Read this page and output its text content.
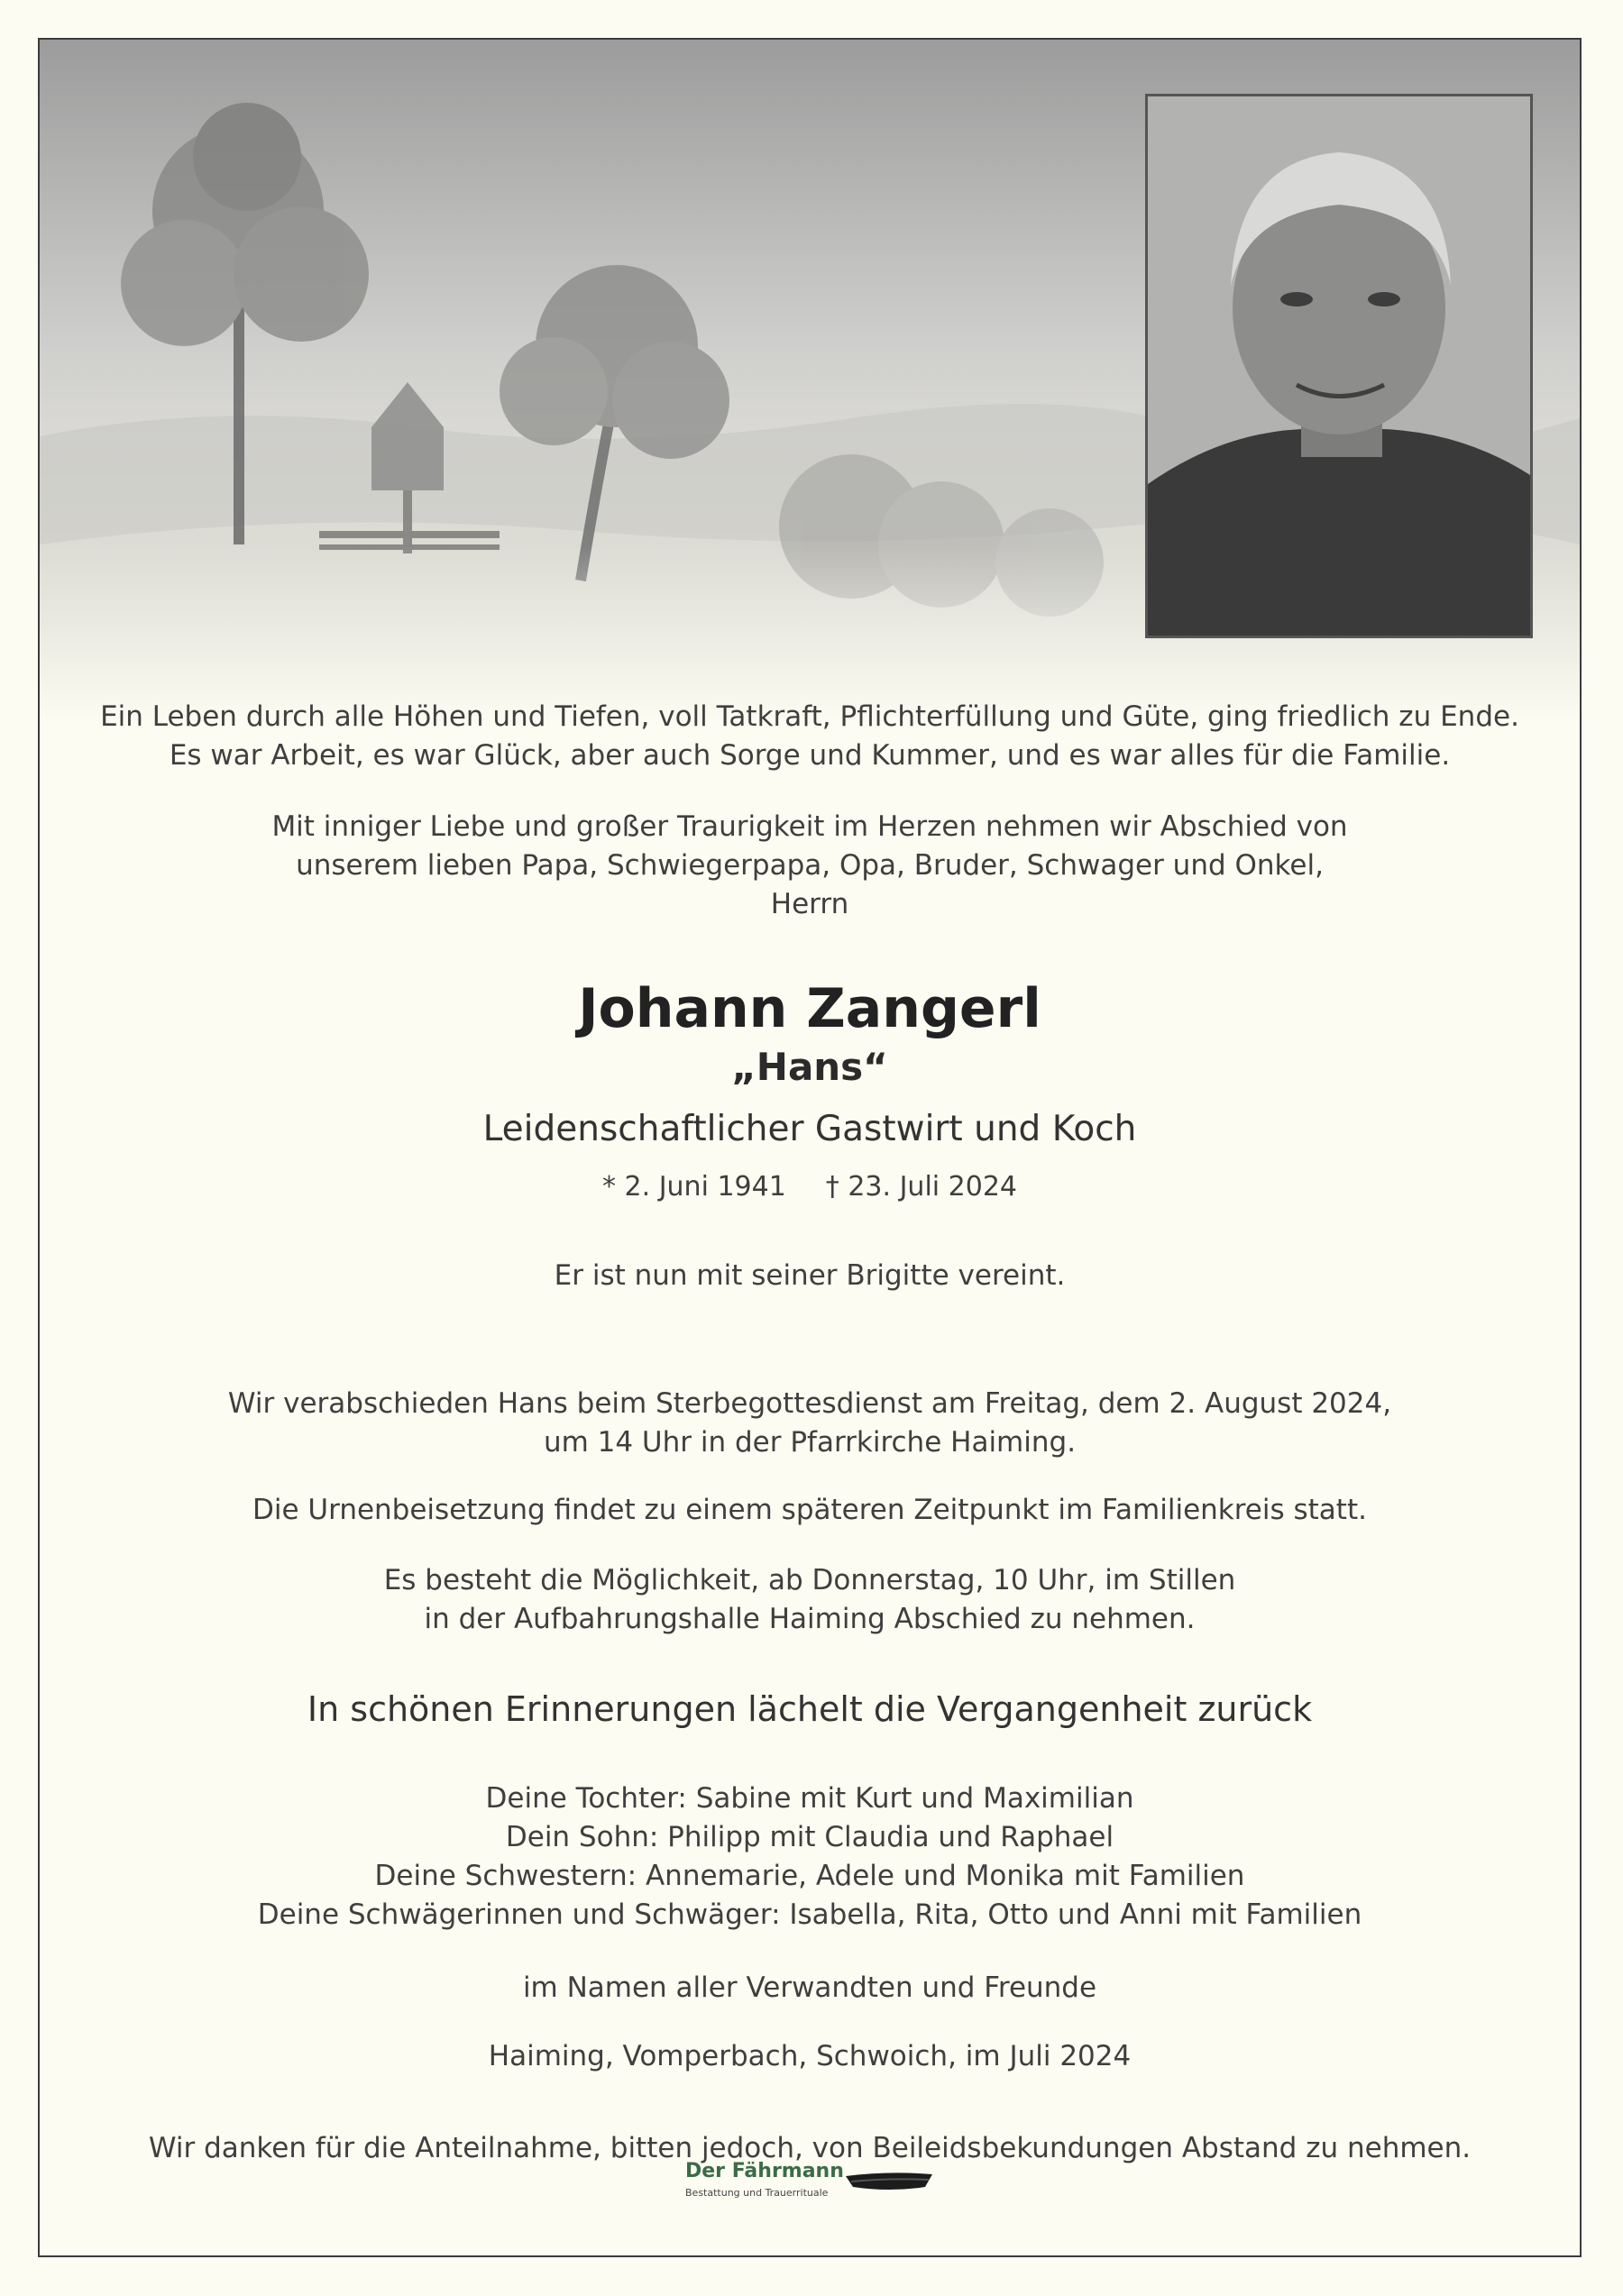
Ein Leben durch alle Höhen und Tiefen, voll Tatkraft, Pflichterfüllung und Güte, ging friedlich zu Ende.
Es war Arbeit, es war Glück, aber auch Sorge und Kummer, und es war alles für die Familie.
Mit inniger Liebe und großer Traurigkeit im Herzen nehmen wir Abschied von
unserem lieben Papa, Schwiegerpapa, Opa, Bruder, Schwager und Onkel,
Herrn
Johann Zangerl
„Hans“
Leidenschaftlicher Gastwirt und Koch
* 2. Juni 1941 † 23. Juli 2024
Er ist nun mit seiner Brigitte vereint.
Wir verabschieden Hans beim Sterbegottesdienst am Freitag, dem 2. August 2024,
um 14 Uhr in der Pfarrkirche Haiming.
Die Urnenbeisetzung findet zu einem späteren Zeitpunkt im Familienkreis statt.
Es besteht die Möglichkeit, ab Donnerstag, 10 Uhr, im Stillen
in der Aufbahrungshalle Haiming Abschied zu nehmen.
In schönen Erinnerungen lächelt die Vergangenheit zurück
Deine Tochter: Sabine mit Kurt und Maximilian
Dein Sohn: Philipp mit Claudia und Raphael
Deine Schwestern: Annemarie, Adele und Monika mit Familien
Deine Schwägerinnen und Schwäger: Isabella, Rita, Otto und Anni mit Familien
im Namen aller Verwandten und Freunde
Haiming, Vomperbach, Schwoich, im Juli 2024
Wir danken für die Anteilnahme, bitten jedoch, von Beileidsbekundungen Abstand zu nehmen.
Der Fährmann
Bestattung und Trauerrituale
